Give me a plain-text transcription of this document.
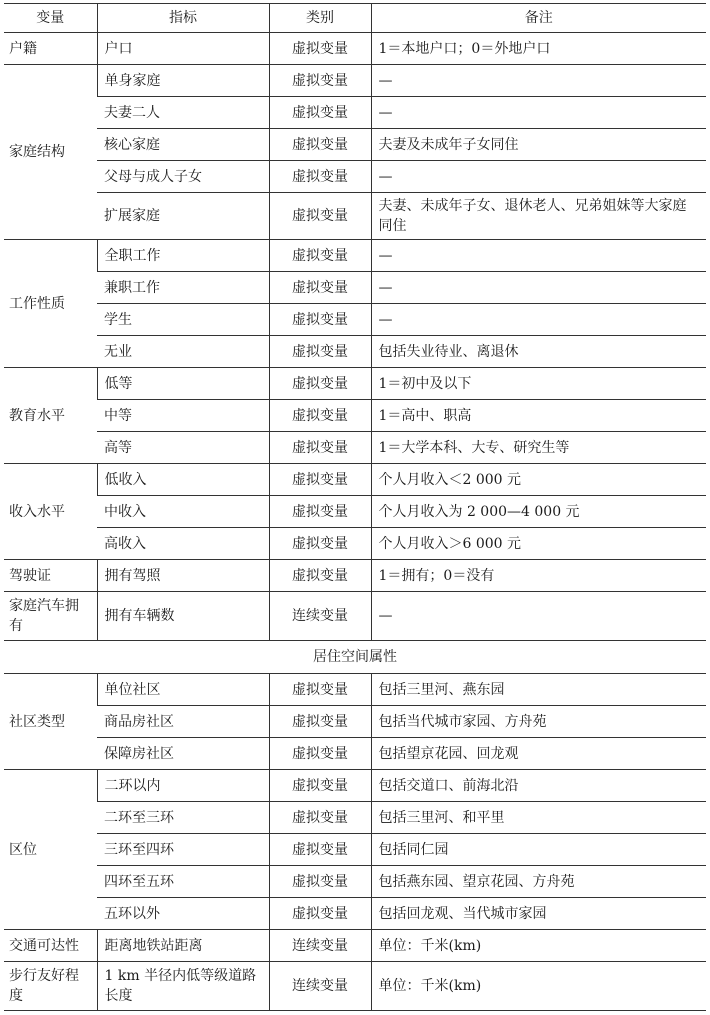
变量	指标	类别	备注
户籍	户口	虚拟变量	1＝本地户口；0＝外地户口
家庭结构	单身家庭	虚拟变量	—
	夫妻二人	虚拟变量	—
	核心家庭	虚拟变量	夫妻及未成年子女同住
	父母与成人子女	虚拟变量	—
	扩展家庭	虚拟变量	夫妻、未成年子女、退休老人、兄弟姐妹等大家庭同住
工作性质	全职工作	虚拟变量	—
	兼职工作	虚拟变量	—
	学生	虚拟变量	—
	无业	虚拟变量	包括失业待业、离退休
教育水平	低等	虚拟变量	1＝初中及以下
	中等	虚拟变量	1＝高中、职高
	高等	虚拟变量	1＝大学本科、大专、研究生等
收入水平	低收入	虚拟变量	个人月收入＜2 000 元
	中收入	虚拟变量	个人月收入为 2 000—4 000 元
	高收入	虚拟变量	个人月收入＞6 000 元
驾驶证	拥有驾照	虚拟变量	1＝拥有；0＝没有
家庭汽车拥有	拥有车辆数	连续变量	—
居住空间属性			
社区类型	单位社区	虚拟变量	包括三里河、燕东园
	商品房社区	虚拟变量	包括当代城市家园、方舟苑
	保障房社区	虚拟变量	包括望京花园、回龙观
区位	二环以内	虚拟变量	包括交道口、前海北沿
	二环至三环	虚拟变量	包括三里河、和平里
	三环至四环	虚拟变量	包括同仁园
	四环至五环	虚拟变量	包括燕东园、望京花园、方舟苑
	五环以外	虚拟变量	包括回龙观、当代城市家园
交通可达性	距离地铁站距离	连续变量	单位：千米(km)
步行友好程度	1 km 半径内低等级道路长度	连续变量	单位：千米(km)
